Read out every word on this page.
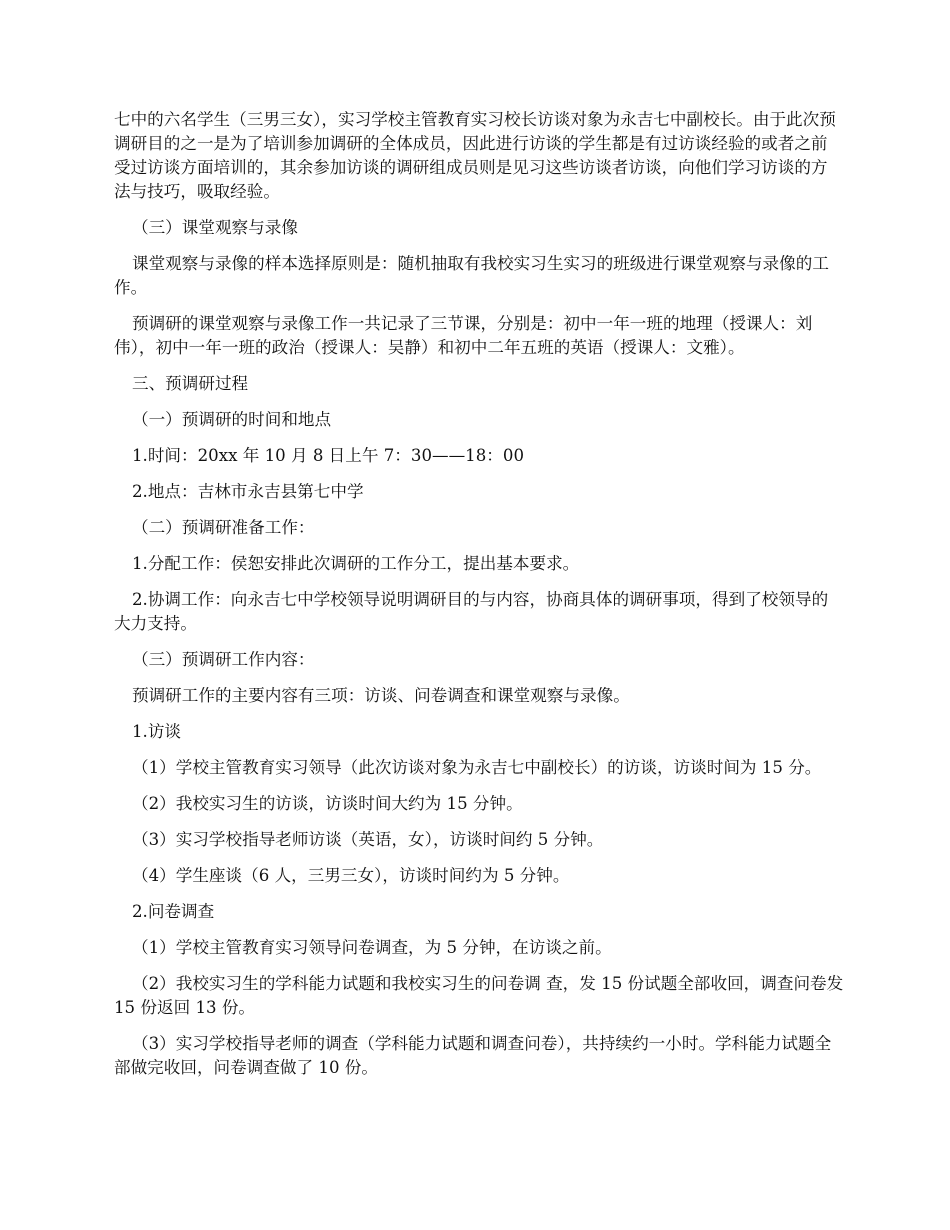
七中的六名学生（三男三女），实习学校主管教育实习校长访谈对象为永吉七中副校长。由于此次预调研目的之一是为了培训参加调研的全体成员，因此进行访谈的学生都是有过访谈经验的或者之前受过访谈方面培训的，其余参加访谈的调研组成员则是见习这些访谈者访谈，向他们学习访谈的方法与技巧，吸取经验。

（三）课堂观察与录像

课堂观察与录像的样本选择原则是：随机抽取有我校实习生实习的班级进行课堂观察与录像的工作。

预调研的课堂观察与录像工作一共记录了三节课，分别是：初中一年一班的地理（授课人：刘伟），初中一年一班的政治（授课人：吴静）和初中二年五班的英语（授课人：文雅）。

三、预调研过程

（一）预调研的时间和地点

1.时间：20xx 年 10 月 8 日上午 7：30——18：00

2.地点：吉林市永吉县第七中学

（二）预调研准备工作：

1.分配工作：侯恕安排此次调研的工作分工，提出基本要求。

2.协调工作：向永吉七中学校领导说明调研目的与内容，协商具体的调研事项，得到了校领导的大力支持。

（三）预调研工作内容：

预调研工作的主要内容有三项：访谈、问卷调查和课堂观察与录像。

1.访谈

（1）学校主管教育实习领导（此次访谈对象为永吉七中副校长）的访谈，访谈时间为 15 分。

（2）我校实习生的访谈，访谈时间大约为 15 分钟。

（3）实习学校指导老师访谈（英语，女），访谈时间约 5 分钟。

（4）学生座谈（6 人，三男三女），访谈时间约为 5 分钟。

2.问卷调查

（1）学校主管教育实习领导问卷调查，为 5 分钟，在访谈之前。

（2）我校实习生的学科能力试题和我校实习生的问卷调 查，发 15 份试题全部收回，调查问卷发 15 份返回 13 份。

（3）实习学校指导老师的调查（学科能力试题和调查问卷），共持续约一小时。学科能力试题全部做完收回，问卷调查做了 10 份。
